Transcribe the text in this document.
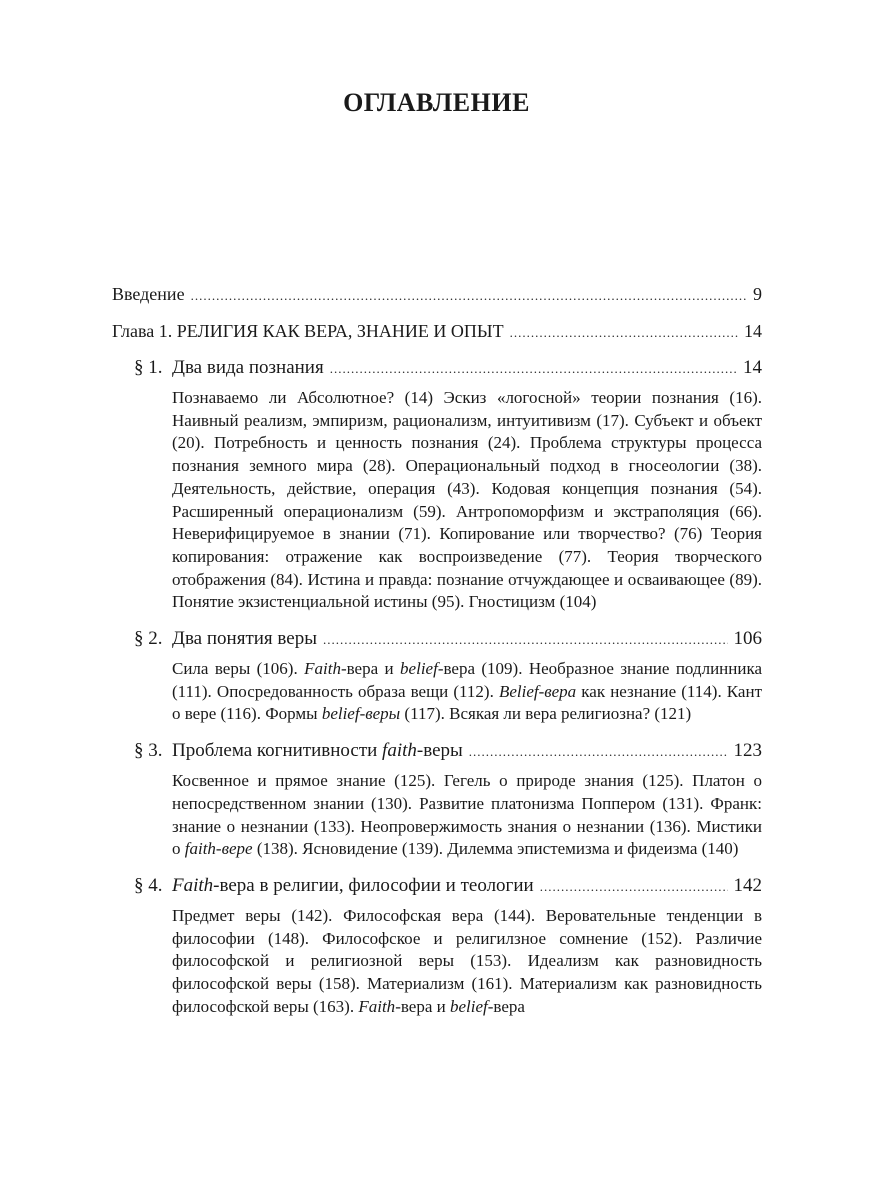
ОГЛАВЛЕНИЕ
Введение .....	9
Глава 1. РЕЛИГИЯ КАК ВЕРА, ЗНАНИЕ И ОПЫТ .....	14
§ 1. Два вида познания .....	14
Познаваемо ли Абсолютное? (14) Эскиз «логосной» теории познания (16). Наивный реализм, эмпиризм, рационализм, интуитивизм (17). Субъект и объект (20). Потребность и ценность познания (24). Проблема структуры процесса познания земного мира (28). Операциональный подход в гносеологии (38). Деятельность, действие, операция (43). Кодовая концепция познания (54). Расширенный операционализм (59). Антропоморфизм и экстраполяция (66). Неверифицируемое в знании (71). Копирование или творчество? (76) Теория копирования: отражение как воспроизведение (77). Теория творческого отображения (84). Истина и правда: познание отчуждающее и осваивающее (89). Понятие экзистенциальной истины (95). Гностицизм (104)
§ 2. Два понятия веры .....	106
Сила веры (106). Faith-вера и belief-вера (109). Необразное знание подлинника (111). Опосредованность образа вещи (112). Belief-вера как незнание (114). Кант о вере (116). Формы belief-веры (117). Всякая ли вера религиозна? (121)
§ 3. Проблема когнитивности faith-веры .....	123
Косвенное и прямое знание (125). Гегель о природе знания (125). Платон о непосредственном знании (130). Развитие платонизма Поппером (131). Франк: знание о незнании (133). Неопровержимость знания о незнании (136). Мистики о faith-вере (138). Ясновидение (139). Дилемма эпистемизма и фидеизма (140)
§ 4. Faith-вера в религии, философии и теологии .....	142
Предмет веры (142). Философская вера (144). Веровательные тенденции в философии (148). Философское и религилзное сомнение (152). Различие философской и религиозной веры (153). Идеализм как разновидность философской веры (158). Материализм (161). Материализм как разновидность философской веры (163). Faith-вера и belief-вера
